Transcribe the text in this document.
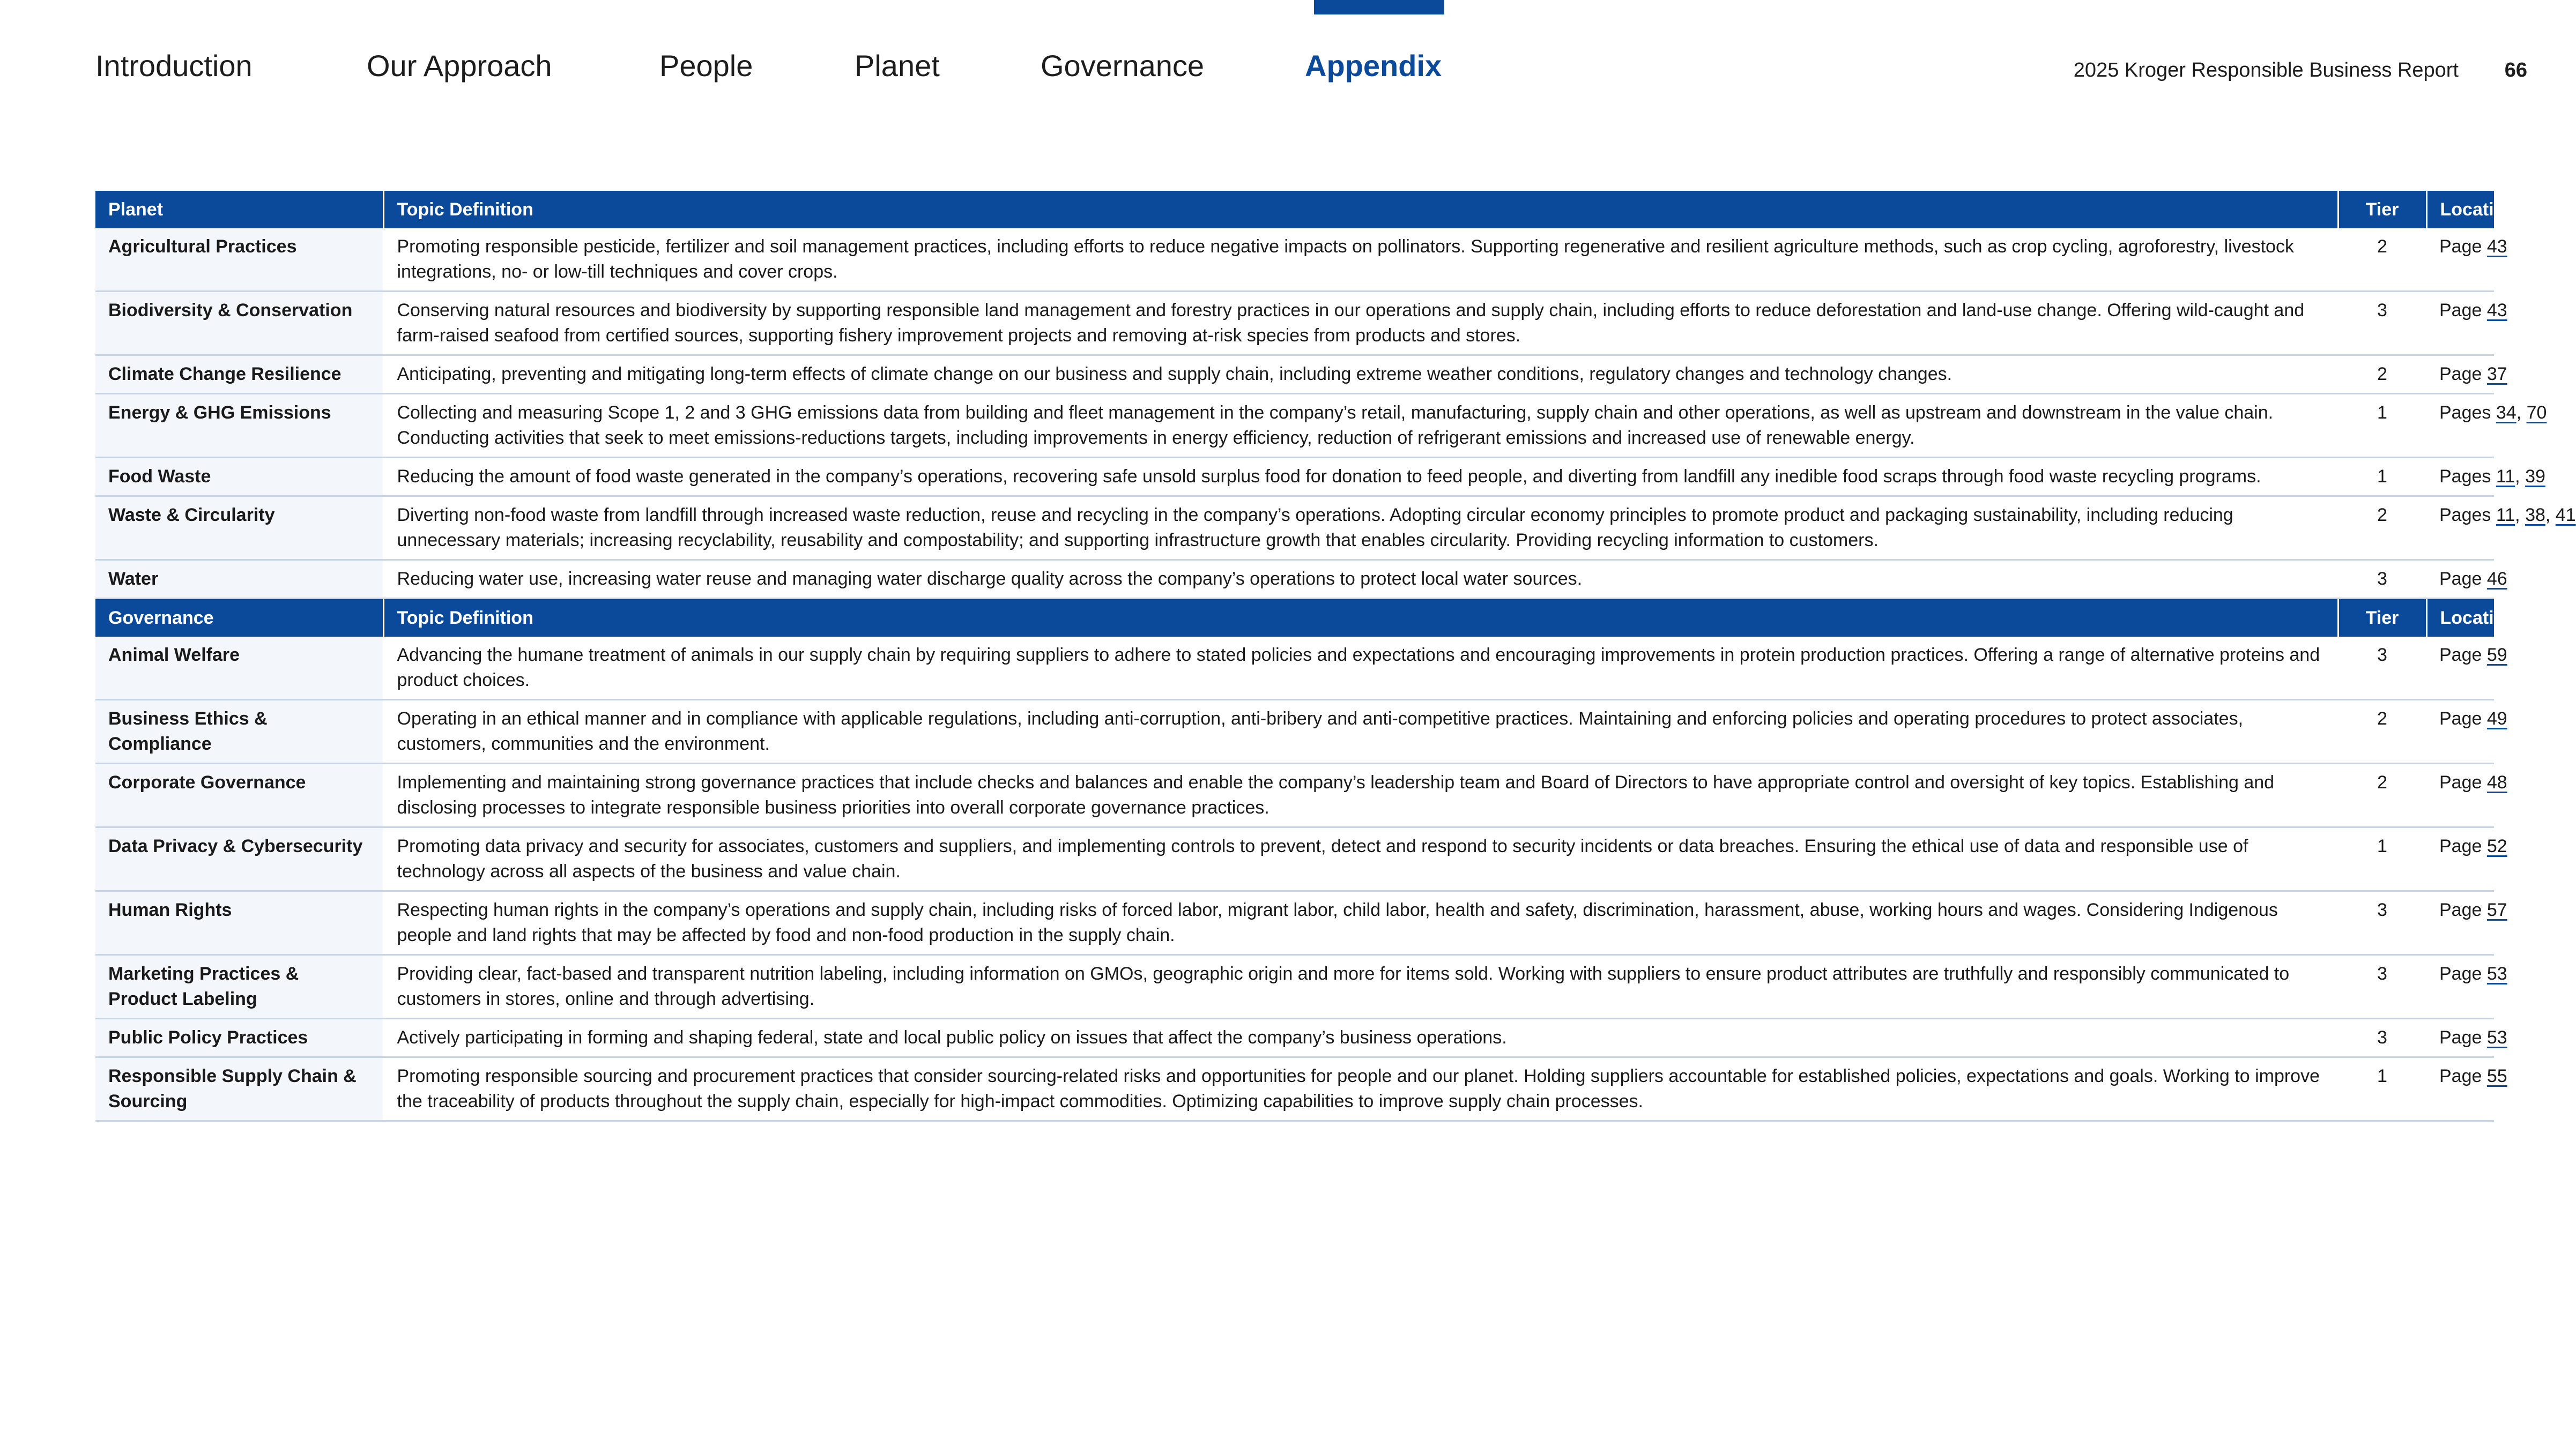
Introduction	Our Approach	People	Planet	Governance	Appendix	2025 Kroger Responsible Business Report 66
Planet	Topic Definition	Tier	Location
Agricultural Practices	Promoting responsible pesticide, fertilizer and soil management practices, including efforts to reduce negative impacts on pollinators. Supporting regenerative and resilient agriculture methods, such as crop cycling, agroforestry, livestock integrations, no- or low-till techniques and cover crops.	2	Page 43
Biodiversity & Conservation	Conserving natural resources and biodiversity by supporting responsible land management and forestry practices in our operations and supply chain, including efforts to reduce deforestation and land-use change. Offering wild-caught and farm-raised seafood from certified sources, supporting fishery improvement projects and removing at-risk species from products and stores.	3	Page 43
Climate Change Resilience	Anticipating, preventing and mitigating long-term effects of climate change on our business and supply chain, including extreme weather conditions, regulatory changes and technology changes.	2	Page 37
Energy & GHG Emissions	Collecting and measuring Scope 1, 2 and 3 GHG emissions data from building and fleet management in the company’s retail, manufacturing, supply chain and other operations, as well as upstream and downstream in the value chain. Conducting activities that seek to meet emissions-reductions targets, including improvements in energy efficiency, reduction of refrigerant emissions and increased use of renewable energy.	1	Pages 34, 70
Food Waste	Reducing the amount of food waste generated in the company’s operations, recovering safe unsold surplus food for donation to feed people, and diverting from landfill any inedible food scraps through food waste recycling programs.	1	Pages 11, 39
Waste & Circularity	Diverting non-food waste from landfill through increased waste reduction, reuse and recycling in the company’s operations. Adopting circular economy principles to promote product and packaging sustainability, including reducing unnecessary materials; increasing recyclability, reusability and compostability; and supporting infrastructure growth that enables circularity. Providing recycling information to customers.	2	Pages 11, 38, 41
Water	Reducing water use, increasing water reuse and managing water discharge quality across the company’s operations to protect local water sources.	3	Page 46
Governance	Topic Definition	Tier	Location
Animal Welfare	Advancing the humane treatment of animals in our supply chain by requiring suppliers to adhere to stated policies and expectations and encouraging improvements in protein production practices. Offering a range of alternative proteins and product choices.	3	Page 59
Business Ethics & Compliance	Operating in an ethical manner and in compliance with applicable regulations, including anti-corruption, anti-bribery and anti-competitive practices. Maintaining and enforcing policies and operating procedures to protect associates, customers, communities and the environment.	2	Page 49
Corporate Governance	Implementing and maintaining strong governance practices that include checks and balances and enable the company’s leadership team and Board of Directors to have appropriate control and oversight of key topics. Establishing and disclosing processes to integrate responsible business priorities into overall corporate governance practices.	2	Page 48
Data Privacy & Cybersecurity	Promoting data privacy and security for associates, customers and suppliers, and implementing controls to prevent, detect and respond to security incidents or data breaches. Ensuring the ethical use of data and responsible use of technology across all aspects of the business and value chain.	1	Page 52
Human Rights	Respecting human rights in the company’s operations and supply chain, including risks of forced labor, migrant labor, child labor, health and safety, discrimination, harassment, abuse, working hours and wages. Considering Indigenous people and land rights that may be affected by food and non-food production in the supply chain.	3	Page 57
Marketing Practices & Product Labeling	Providing clear, fact-based and transparent nutrition labeling, including information on GMOs, geographic origin and more for items sold. Working with suppliers to ensure product attributes are truthfully and responsibly communicated to customers in stores, online and through advertising.	3	Page 53
Public Policy Practices	Actively participating in forming and shaping federal, state and local public policy on issues that affect the company’s business operations.	3	Page 53
Responsible Supply Chain & Sourcing	Promoting responsible sourcing and procurement practices that consider sourcing-related risks and opportunities for people and our planet. Holding suppliers accountable for established policies, expectations and goals. Working to improve the traceability of products throughout the supply chain, especially for high-impact commodities. Optimizing capabilities to improve supply chain processes.	1	Page 55
